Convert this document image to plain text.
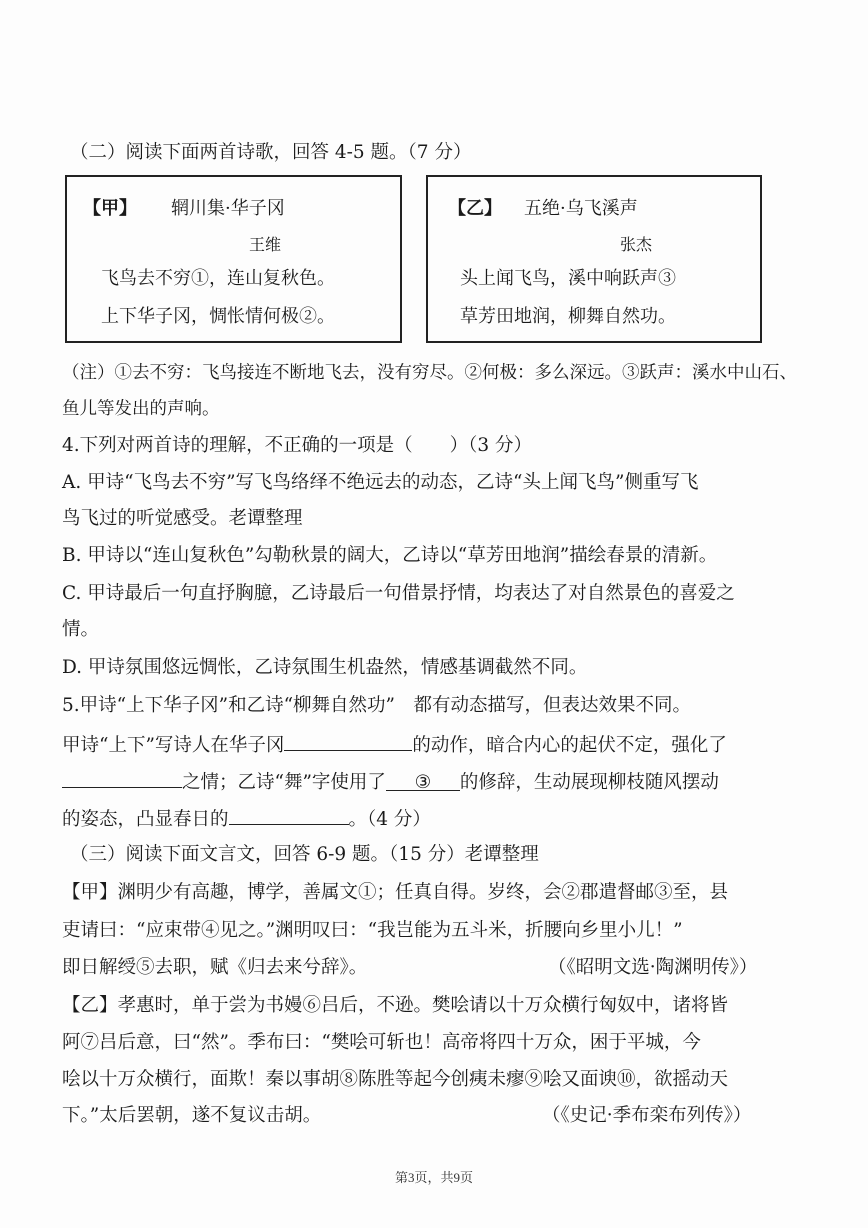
（二）阅读下面两首诗歌，回答 4-5 题。（7 分）
【甲】 辋川集·华子冈
王维
飞鸟去不穷①，连山复秋色。
上下华子冈，惆怅情何极②。
【乙】 五绝·乌飞溪声
张杰
头上闻飞鸟，溪中响跃声③
草芳田地润，柳舞自然功。
（注）①去不穷：飞鸟接连不断地飞去，没有穷尽。②何极：多么深远。③跃声：溪水中山石、
鱼儿等发出的声响。
4.下列对两首诗的理解，不正确的一项是（　　）（3 分）
A. 甲诗“飞鸟去不穷”写飞鸟络绎不绝远去的动态，乙诗“头上闻飞鸟”侧重写飞
鸟飞过的听觉感受。老谭整理
B. 甲诗以“连山复秋色”勾勒秋景的阔大，乙诗以“草芳田地润”描绘春景的清新。
C. 甲诗最后一句直抒胸臆，乙诗最后一句借景抒情，均表达了对自然景色的喜爱之
情。
D. 甲诗氛围悠远惆怅，乙诗氛围生机盎然，情感基调截然不同。
5.甲诗“上下华子冈”和乙诗“柳舞自然功”　都有动态描写，但表达效果不同。
甲诗“上下”写诗人在华子冈	的动作，暗合内心的起伏不定，强化了
之情；乙诗“舞”字使用了 ③ 的修辞，生动展现柳枝随风摆动
的姿态，凸显春日的	。（4 分）
（三）阅读下面文言文，回答 6-9 题。（15 分）老谭整理
【甲】渊明少有高趣，博学，善属文①；任真自得。岁终，会②郡遣督邮③至，县
吏请曰：“应束带④见之。”渊明叹曰：“我岂能为五斗米，折腰向乡里小儿！”
即日解绶⑤去职，赋《归去来兮辞》。	（《昭明文选·陶渊明传》）
【乙】孝惠时，单于尝为书嫚⑥吕后，不逊。樊哙请以十万众横行匈奴中，诸将皆
阿⑦吕后意，曰“然”。季布曰：“樊哙可斩也！高帝将四十万众，困于平城，今
哙以十万众横行，面欺！秦以事胡⑧陈胜等起今创痍未瘳⑨哙又面谀⑩，欲摇动天
下。”太后罢朝，遂不复议击胡。	（《史记·季布栾布列传》）
第3页，共9页
